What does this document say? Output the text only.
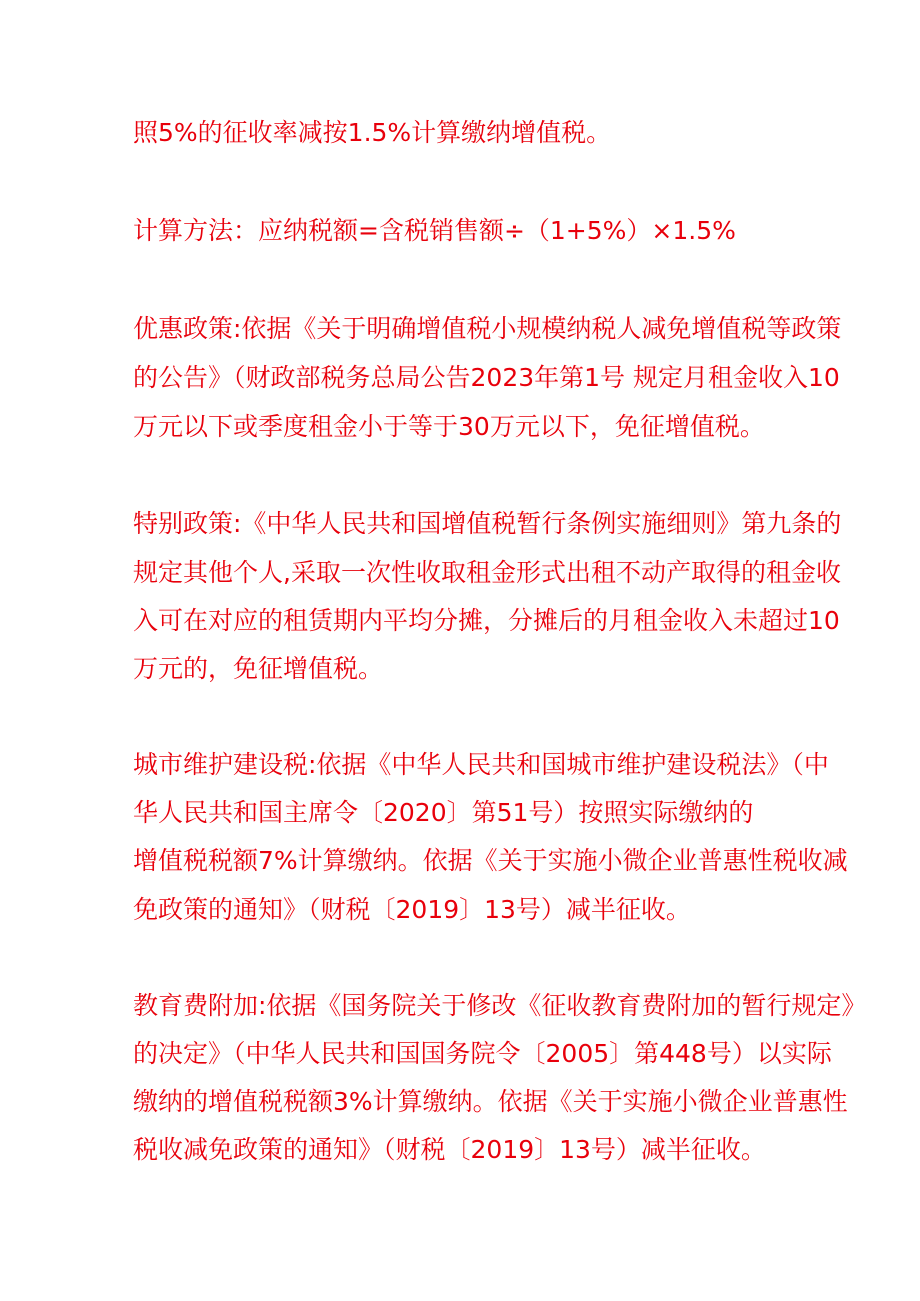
照5%的征收率减按1.5%计算缴纳增值税。

计算方法：应纳税额=含税销售额÷（1+5%）×1.5%

优惠政策:依据《关于明确增值税小规模纳税人减免增值税等政策

的公告》（财政部税务总局公告2023年第1号 规定月租金收入10

万元以下或季度租金小于等于30万元以下，免征增值税。

特别政策:《中华人民共和国增值税暂行条例实施细则》第九条的

规定其他个人,采取一次性收取租金形式出租不动产取得的租金收

入可在对应的租赁期内平均分摊，分摊后的月租金收入未超过10

万元的，免征增值税。

城市维护建设税:依据《中华人民共和国城市维护建设税法》（中

华人民共和国主席令〔2020〕第51号）按照实际缴纳的

增值税税额7%计算缴纳。依据《关于实施小微企业普惠性税收减

免政策的通知》（财税〔2019〕13号）减半征收。

教育费附加:依据《国务院关于修改《征收教育费附加的暂行规定》

的决定》（中华人民共和国国务院令〔2005〕第448号）以实际

缴纳的增值税税额3%计算缴纳。依据《关于实施小微企业普惠性

税收减免政策的通知》（财税〔2019〕13号）减半征收。
